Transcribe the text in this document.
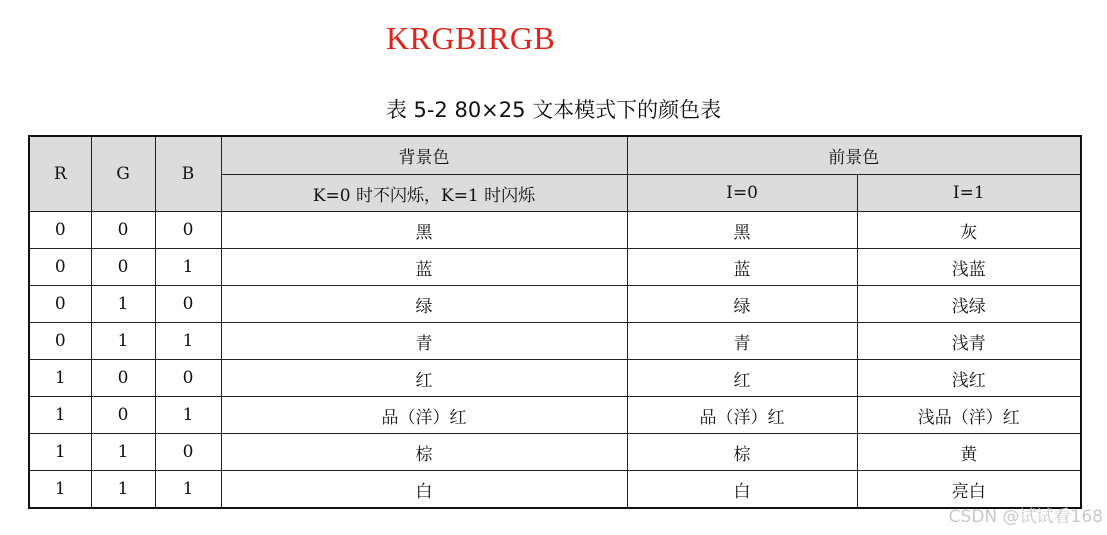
KRGBIRGB
表 5-2 80×25 文本模式下的颜色表
R	G	B	背景色	前景色	
			K=0 时不闪烁，K=1 时闪烁	I=0	I=1
0	0	0	黑	黑	灰
0	0	1	蓝	蓝	浅蓝
0	1	0	绿	绿	浅绿
0	1	1	青	青	浅青
1	0	0	红	红	浅红
1	0	1	品（洋）红	品（洋）红	浅品（洋）红
1	1	0	棕	棕	黄
1	1	1	白	白	亮白
CSDN @试试看168
